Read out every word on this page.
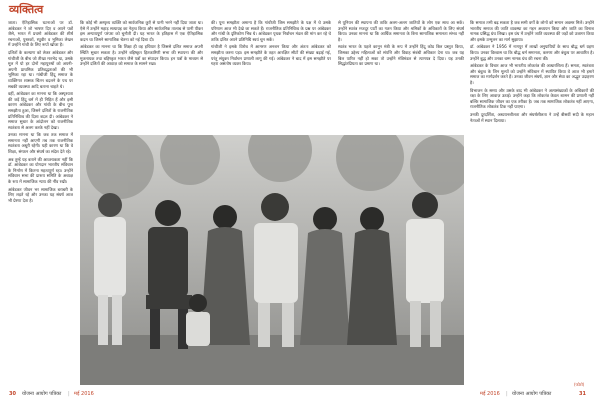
व्यक्तित्व

जाता। ऐतिहासिक घटनाओं पर डॉ. आंबेडकर ने जो भाषण दिए व अपने पत्रों जैसे, भारत में प्रथमो आंबेडकर की शीर्ष रचनाओं, पुस्तकों, रघुवीर व भूमिका लेखन में उन्होंने गांधी के लिए रूपों खोजा है।

दलितों के कल्याण को लेकर आंबेडकर और गांधीजी के बीच जो तीखा मतभेद था, उसके मूल में यो हर दोनों महापुरुषों को अपनी-अपनी प्राथमिक प्रतिबद्धताओं की भी भूमिका रहा था। गांधीजी हिंदू समाज के व्यक्तिगत शासक चिंतन बदलने के पथ पर सबकी व्यवस्था आदि बताना चाहते थे।

वहीं, आंबेडकर का मानना था कि अस्पृश्यता की जड़ें हिंदू धर्म में ही निहित हैं और इसी कारण आंबेडकर और गांधी के बीच पूना समझौता हुआ, जिसने दलितों के राजनीतिक प्रतिनिधित्व की दिशा बदल दी। आंबेडकर ने समाज सुधार के आंदोलन को राजनीतिक स्वतंत्रता से अलग करके नहीं देखा।

उनका मानना था कि जब तक समाज में समानता नहीं आएगी तब तक राजनीतिक स्वतंत्रता अधूरी रहेगी। यही कारण था कि वे शिक्षा, संगठन और संघर्ष का संदेश देते रहे।

अब तुम्हें यह बताने की आवश्यकता नहीं कि डॉ. आंबेडकर का योगदान भारतीय संविधान के निर्माण में कितना महत्वपूर्ण रहा। उन्होंने संविधान सभा की प्रारूप समिति के अध्यक्ष के रूप में सामाजिक न्याय की नींव रखी।

आंबेडकर जीवन भर सामाजिक बराबरी के लिए लड़ते रहे और उनका यह संघर्ष आज भी प्रेरणा देता है।

कि कोई भी अस्पृश्य व्यक्ति को सार्वजनिक कुएँ से पानी भरने नहीं दिया जाता था। ऐसे में उन्होंने महाड़ सत्याग्रह का नेतृत्व किया और सार्वजनिक तालाब से पानी पीकर इस अन्यायपूर्ण परंपरा को चुनौती दी। यह भारत के इतिहास में एक ऐतिहासिक कदम था जिसने सामाजिक चेतना को नई दिशा दी।

आंबेडकर का मानना था कि शिक्षा ही वह हथियार है जिससे दलित समाज अपनी स्थिति सुधार सकता है। उन्होंने बहिष्कृत हितकारिणी सभा की स्थापना की और मूकनायक तथा बहिष्कृत भारत जैसे पत्रों का संपादन किया। इन पत्रों के माध्यम से उन्होंने दलितों की आवाज़ को समाज के सामने रखा।

की। पूना समझौता अमान्य है कि गांधीजी जिस समझौते के पक्ष में थे उसके परिणाम आज भी देखे जा सकते हैं। राजनीतिक प्रतिनिधित्व के प्रश्न पर आंबेडकर और गांधी के दृष्टिकोण भिन्न थे। आंबेडकर पृथक निर्वाचन मंडल की मांग कर रहे थे ताकि दलित अपने प्रतिनिधि स्वयं चुन सकें।

गांधीजी ने इसके विरोध में आमरण अनशन किया और अंततः आंबेडकर को समझौता करना पड़ा। इस समझौते के तहत आरक्षित सीटों की संख्या बढ़ाई गई, परंतु संयुक्त निर्वाचन प्रणाली लागू की गई। आंबेडकर ने बाद में इस समझौते पर गहरा असंतोष व्यक्त किया।

से यूनियन की स्थापना की ताकि अलग-अलग जातियों के लोग एक साथ आ सकें। उन्होंने स्वतंत्र मजदूर पार्टी का गठन किया और श्रमिकों के अधिकारों के लिए संघर्ष किया। उनका मानना था कि आर्थिक समानता के बिना सामाजिक समानता संभव नहीं है।

स्वतंत्र भारत के पहले कानून मंत्री के रूप में उन्होंने हिंदू कोड बिल प्रस्तुत किया, जिसका उद्देश्य महिलाओं को संपत्ति और विवाह संबंधी अधिकार देना था। जब यह बिल पारित नहीं हो सका तो उन्होंने मंत्रिमंडल से त्यागपत्र दे दिया। यह उनकी सिद्धांतप्रियता का प्रमाण था।

कि समाज तभी बढ़ सकता है जब सभी वर्गों के लोगों को समान अवसर मिलें। उन्होंने भारतीय समाज की जाति व्यवस्था का गहन अध्ययन किया और जाति का विनाश नामक प्रसिद्ध ग्रंथ लिखा। इस ग्रंथ में उन्होंने जाति व्यवस्था की जड़ों को उजागर किया और इसके उन्मूलन का मार्ग सुझाया।

डॉ. आंबेडकर ने 1956 में नागपुर में लाखों अनुयायियों के साथ बौद्ध धर्म ग्रहण किया। उनका विश्वास था कि बौद्ध धर्म समानता, करुणा और बंधुत्व पर आधारित है। उन्होंने बुद्ध और उनका धम्म नामक ग्रंथ की रचना की।

आंबेडकर के विचार आज भी भारतीय लोकतंत्र की आधारशिला हैं। समता, स्वतंत्रता और बंधुत्व के जिन मूल्यों को उन्होंने संविधान में स्थापित किया वे आज भी हमारे समाज का मार्गदर्शन करते हैं। उनका जीवन संघर्ष, ज्ञान और सेवा का अद्भुत उदाहरण है।

विभाजन के समय और उसके बाद भी आंबेडकर ने अल्पसंख्यकों के अधिकारों की रक्षा के लिए आवाज़ उठाई। उन्होंने कहा कि लोकतंत्र केवल शासन की प्रणाली नहीं बल्कि सामाजिक जीवन का एक तरीका है। जब तक सामाजिक लोकतंत्र नहीं आएगा, राजनीतिक लोकतंत्र टिक नहीं पाएगा।

उनकी दूरदर्शिता, अध्ययनशीलता और संघर्षशीलता ने उन्हें बीसवीं सदी के महान नेताओं में स्थान दिलाया।

(फोटो)
30 योजना आयोग पत्रिका | मई 2016	मई 2016 | योजना आयोग पत्रिका	31
